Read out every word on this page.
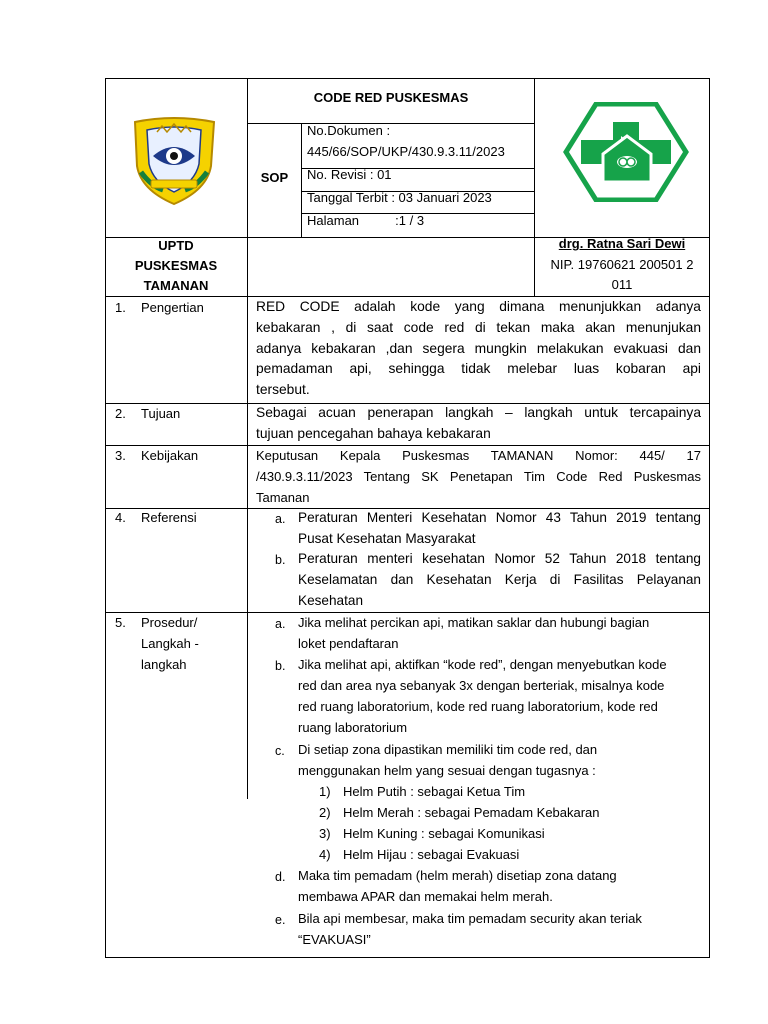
CODE RED PUSKESMAS
SOP
No.Dokumen :
445/66/SOP/UKP/430.9.3.11/2023
No. Revisi : 01
Tanggal Terbit : 03 Januari 2023
Halaman          :1 / 3
UPTD
PUSKESMAS
TAMANAN
drg. Ratna Sari Dewi
NIP. 19760621 200501 2
011
1. Pengertian	RED CODE adalah kode yang dimana menunjukkan adanya
kebakaran , di saat code red di tekan maka akan menunjukan
adanya kebakaran ,dan segera mungkin melakukan evakuasi dan
pemadaman api, sehingga tidak melebar luas kobaran api
tersebut.
2. Tujuan	Sebagai acuan penerapan langkah – langkah untuk tercapainya
tujuan pencegahan bahaya kebakaran
3. Kebijakan	Keputusan Kepala Puskesmas TAMANAN Nomor: 445/ 17
/430.9.3.11/2023 Tentang SK Penetapan Tim Code Red Puskesmas
Tamanan
4. Referensi	a. Peraturan Menteri Kesehatan Nomor 43 Tahun 2019 tentang
Pusat Kesehatan Masyarakat
b. Peraturan menteri kesehatan Nomor 52 Tahun 2018 tentang
Keselamatan dan Kesehatan Kerja di Fasilitas Pelayanan
Kesehatan
5. Prosedur/
Langkah -
langkah
a. Jika melihat percikan api, matikan saklar dan hubungi bagian
loket pendaftaran
b. Jika melihat api, aktifkan “kode red”, dengan menyebutkan kode
red dan area nya sebanyak 3x dengan berteriak, misalnya kode
red ruang laboratorium, kode red ruang laboratorium, kode red
ruang laboratorium
c. Di setiap zona dipastikan memiliki tim code red, dan
menggunakan helm yang sesuai dengan tugasnya :
1) Helm Putih : sebagai Ketua Tim
2) Helm Merah : sebagai Pemadam Kebakaran
3) Helm Kuning : sebagai Komunikasi
4) Helm Hijau : sebagai Evakuasi
d. Maka tim pemadam (helm merah) disetiap zona datang
membawa APAR dan memakai helm merah.
e. Bila api membesar, maka tim pemadam security akan teriak
“EVAKUASI”
